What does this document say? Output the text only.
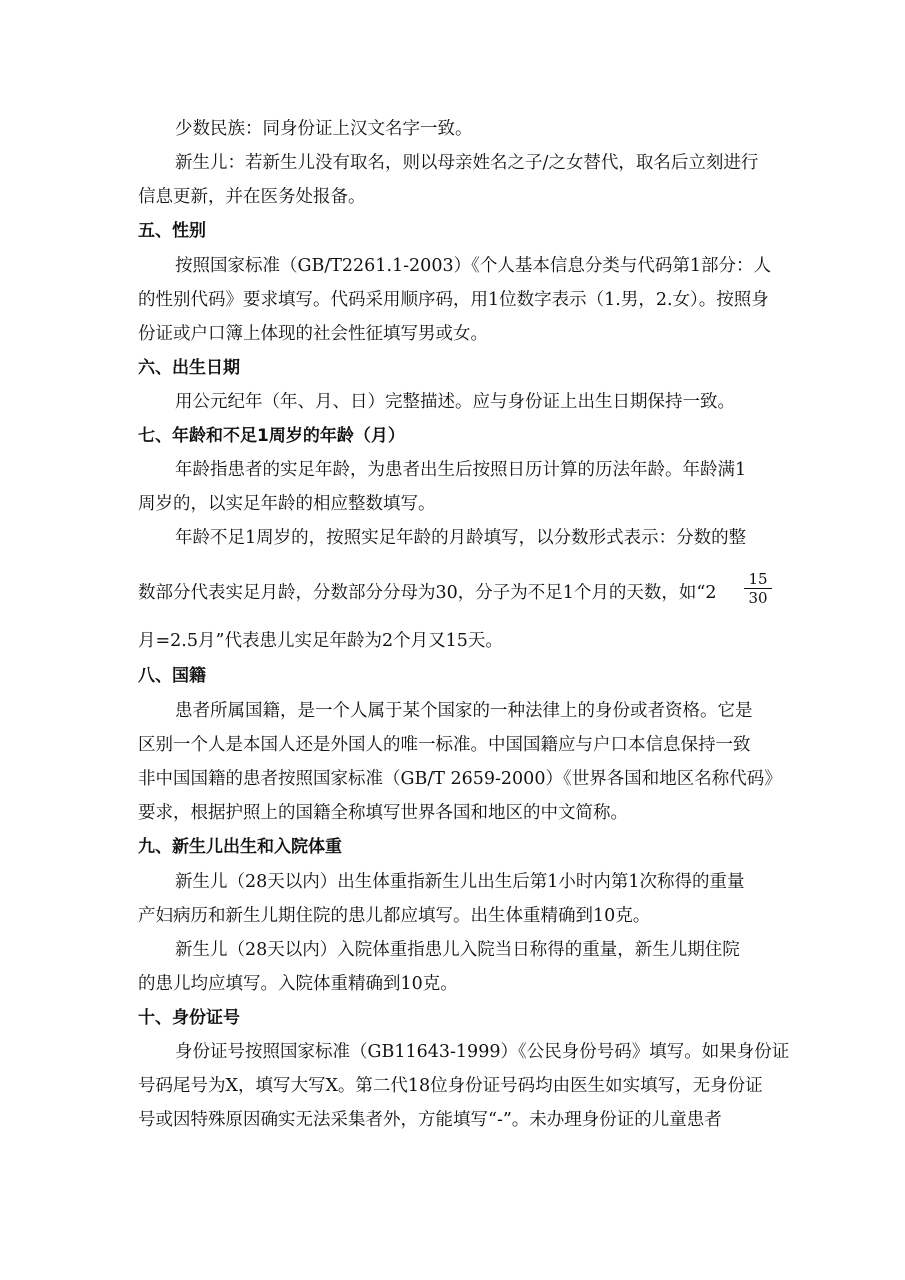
少数民族：同身份证上汉文名字一致。
新生儿：若新生儿没有取名，则以母亲姓名之子/之女替代，取名后立刻进行
信息更新，并在医务处报备。
五、性别
按照国家标准（GB/T2261.1-2003）《个人基本信息分类与代码第1部分：人
的性别代码》要求填写。代码采用顺序码，用1位数字表示（1.男，2.女）。按照身
份证或户口簿上体现的社会性征填写男或女。
六、出生日期
用公元纪年（年、月、日）完整描述。应与身份证上出生日期保持一致。
七、年龄和不足1周岁的年龄（月）
年龄指患者的实足年龄，为患者出生后按照日历计算的历法年龄。年龄满1
周岁的，以实足年龄的相应整数填写。
年龄不足1周岁的，按照实足年龄的月龄填写，以分数形式表示：分数的整
数部分代表实足月龄，分数部分分母为30，分子为不足1个月的天数，如“2	$\frac{15}{30}$
月=2.5月”代表患儿实足年龄为2个月又15天。
八、国籍
患者所属国籍，是一个人属于某个国家的一种法律上的身份或者资格。它是
区别一个人是本国人还是外国人的唯一标准。中国国籍应与户口本信息保持一致
非中国国籍的患者按照国家标准（GB/T 2659-2000）《世界各国和地区名称代码》
要求，根据护照上的国籍全称填写世界各国和地区的中文简称。
九、新生儿出生和入院体重
新生儿（28天以内）出生体重指新生儿出生后第1小时内第1次称得的重量
产妇病历和新生儿期住院的患儿都应填写。出生体重精确到10克。
新生儿（28天以内）入院体重指患儿入院当日称得的重量，新生儿期住院
的患儿均应填写。入院体重精确到10克。
十、身份证号
身份证号按照国家标准（GB11643-1999）《公民身份号码》填写。如果身份证
号码尾号为X，填写大写X。第二代18位身份证号码均由医生如实填写，无身份证
号或因特殊原因确实无法采集者外，方能填写“-”。未办理身份证的儿童患者
